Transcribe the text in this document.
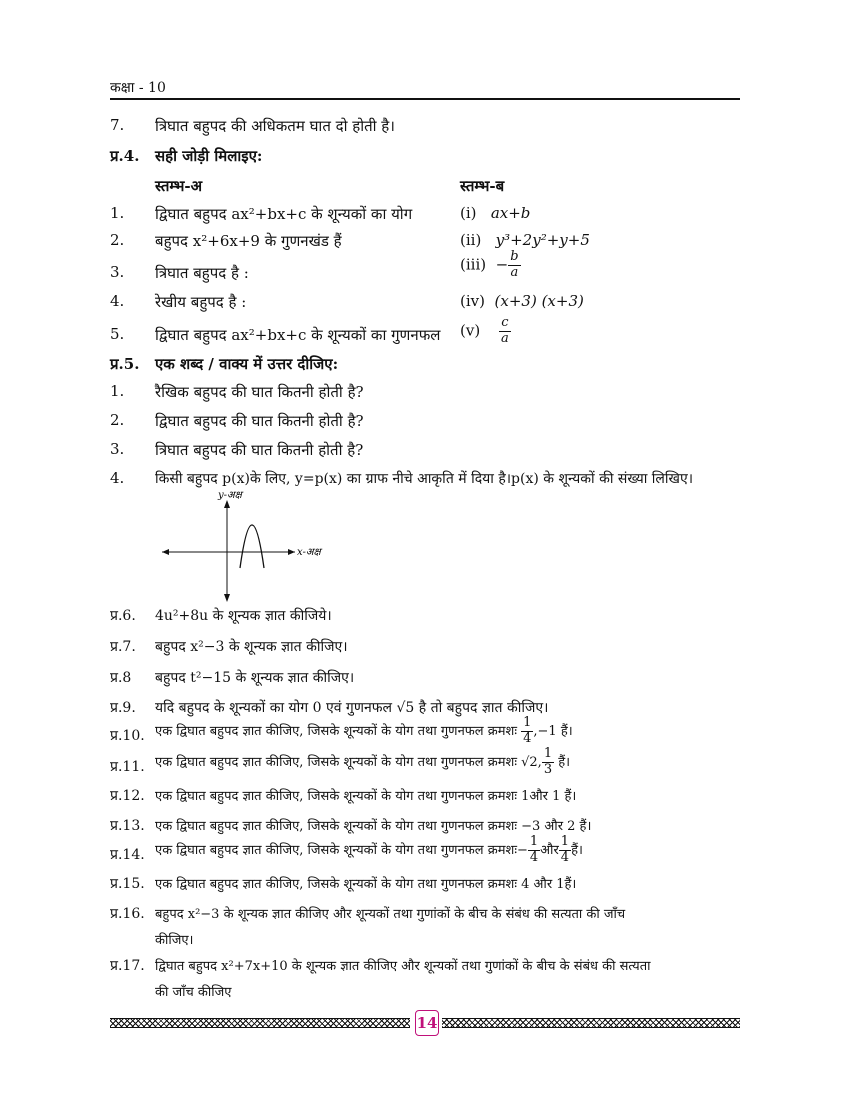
कक्षा - 10
7. त्रिघात बहुपद की अधिकतम घात दो होती है।
प्र.4. सही जोड़ी मिलाइए:
स्तम्भ-अ	स्तम्भ-ब
1. द्विघात बहुपद ax²+bx+c के शून्यकों का योग	(i) ax+b
2. बहुपद x²+6x+9 के गुणनखंड हैं	(ii) y³+2y²+y+5
3. त्रिघात बहुपद है :	$(iii) - \frac{b}{a}$
4. रेखीय बहुपद है :	(iv) (x+3) (x+3)
5. द्विघात बहुपद ax²+bx+c के शून्यकों का गुणनफल $(v) \frac{c}{a}$
प्र.5. एक शब्द / वाक्य में उत्तर दीजिए:
1. रैखिक बहुपद की घात कितनी होती है?
2. द्विघात बहुपद की घात कितनी होती है?
3. त्रिघात बहुपद की घात कितनी होती है?
4. किसी बहुपद p(x)के लिए, y=p(x) का ग्राफ नीचे आकृति में दिया है।p(x) के शून्यकों की संख्या लिखिए।
y-अक्ष
x-अक्ष
प्र.6. 4u²+8u के शून्यक ज्ञात कीजिये।
प्र.7. बहुपद x²−3 के शून्यक ज्ञात कीजिए।
प्र.8 बहुपद t²−15 के शून्यक ज्ञात कीजिए।
प्र.9. यदि बहुपद के शून्यकों का योग 0 एवं गुणनफल √5 है तो बहुपद ज्ञात कीजिए।
प्र.10. एक द्विघात बहुपद ज्ञात कीजिए, जिसके शून्यकों के योग तथा गुणनफल क्रमशः $\frac{1}{4} ,-1$ हैं।
प्र.11. एक द्विघात बहुपद ज्ञात कीजिए, जिसके शून्यकों के योग तथा गुणनफल क्रमशः √2, $\frac{1}{3}$ हैं।
प्र.12. एक द्विघात बहुपद ज्ञात कीजिए, जिसके शून्यकों के योग तथा गुणनफल क्रमशः 1और 1 हैं।
प्र.13. एक द्विघात बहुपद ज्ञात कीजिए, जिसके शून्यकों के योग तथा गुणनफल क्रमशः −3 और 2 हैं।
प्र.14. एक द्विघात बहुपद ज्ञात कीजिए, जिसके शून्यकों के योग तथा गुणनफल क्रमशः− $\frac{1}{4}$ और $\frac{1}{4}$ हैं।
प्र.15. एक द्विघात बहुपद ज्ञात कीजिए, जिसके शून्यकों के योग तथा गुणनफल क्रमशः 4 और 1हैं।
प्र.16. बहुपद x²−3 के शून्यक ज्ञात कीजिए और शून्यकों तथा गुणांकों के बीच के संबंध की सत्यता की जाँच
कीजिए।
प्र.17. द्विघात बहुपद x²+7x+10 के शून्यक ज्ञात कीजिए और शून्यकों तथा गुणांकों के बीच के संबंध की सत्यता
की जाँच कीजिए
14
